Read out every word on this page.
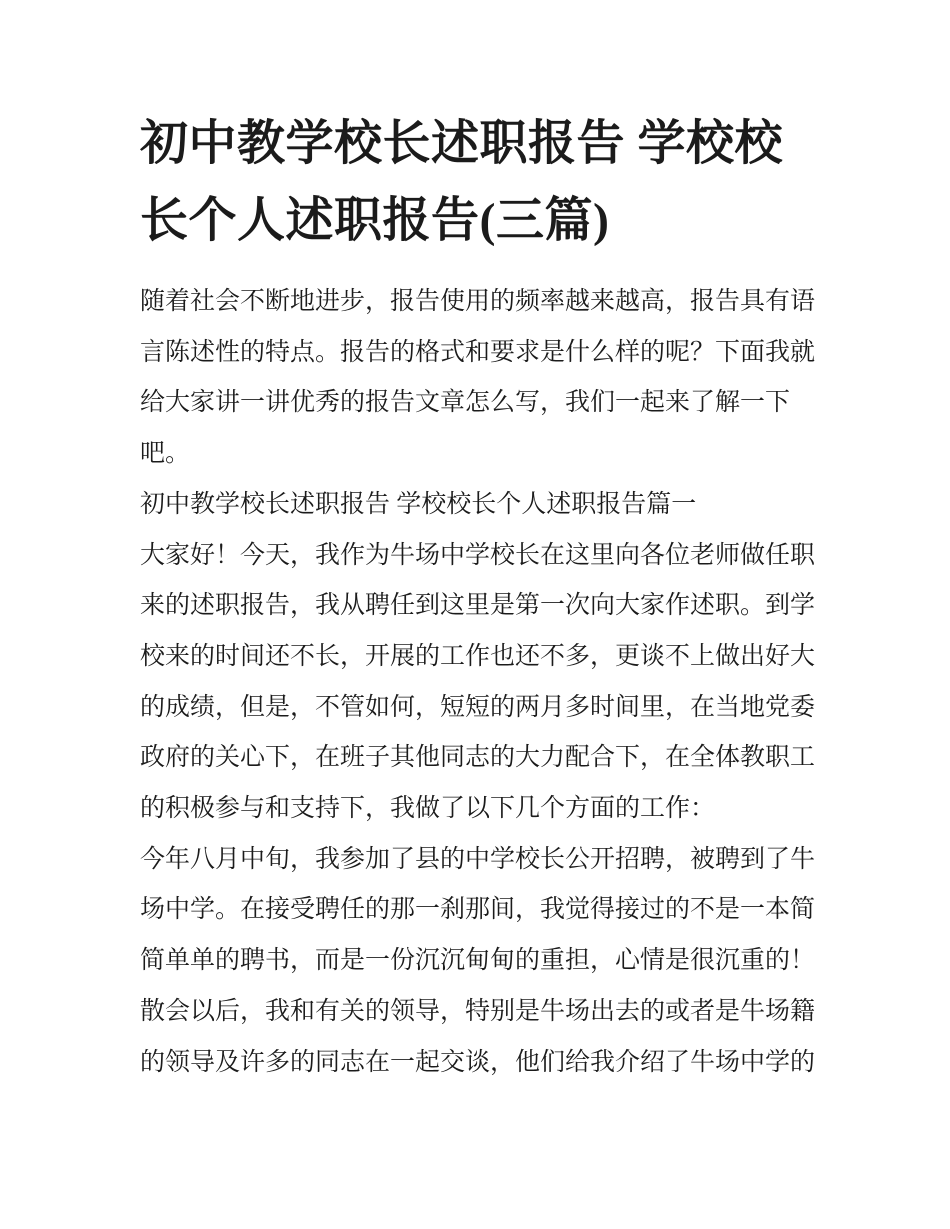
初中教学校长述职报告 学校校
长个人述职报告(三篇)
随着社会不断地进步，报告使用的频率越来越高，报告具有语
言陈述性的特点。报告的格式和要求是什么样的呢？下面我就
给大家讲一讲优秀的报告文章怎么写，我们一起来了解一下
吧。
初中教学校长述职报告 学校校长个人述职报告篇一
大家好！今天，我作为牛场中学校长在这里向各位老师做任职
来的述职报告，我从聘任到这里是第一次向大家作述职。到学
校来的时间还不长，开展的工作也还不多，更谈不上做出好大
的成绩，但是，不管如何，短短的两月多时间里，在当地党委
政府的关心下，在班子其他同志的大力配合下，在全体教职工
的积极参与和支持下，我做了以下几个方面的工作：
今年八月中旬，我参加了县的中学校长公开招聘，被聘到了牛
场中学。在接受聘任的那一刹那间，我觉得接过的不是一本简
简单单的聘书，而是一份沉沉甸甸的重担，心情是很沉重的！
散会以后，我和有关的领导，特别是牛场出去的或者是牛场籍
的领导及许多的同志在一起交谈，他们给我介绍了牛场中学的
